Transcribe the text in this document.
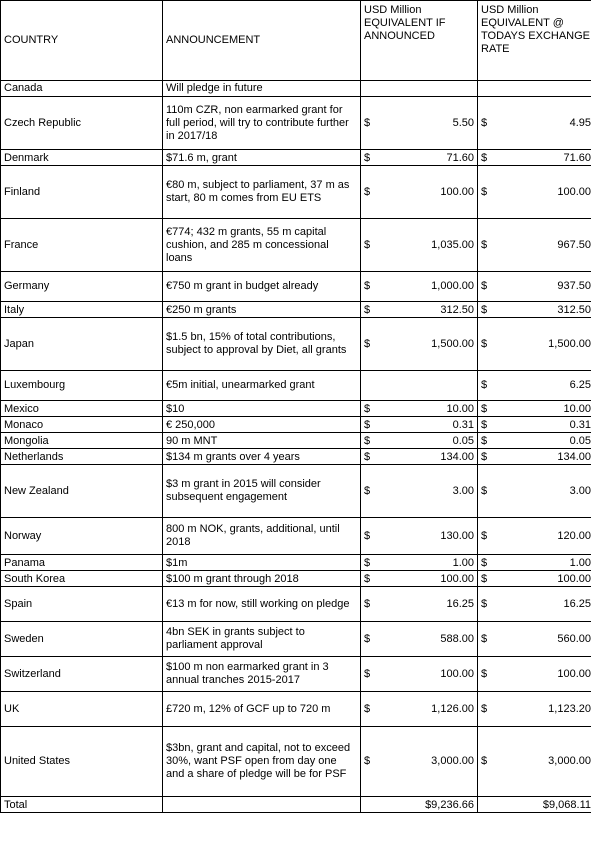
COUNTRY	ANNOUNCEMENT	USD Million EQUIVALENT IF ANNOUNCED	USD Million EQUIVALENT @ TODAYS EXCHANGE RATE
Canada	Will pledge in future	

Czech Republic	110m CZR, non earmarked grant for full period, will try to contribute further in 2017/18	$ 5.50	$ 4.95

Denmark	$71.6 m, grant	$ 71.60	$ 71.60

Finland	€80 m, subject to parliament, 37 m as start, 80 m comes from EU ETS	$ 100.00	$ 100.00

France	€774; 432 m grants, 55 m capital cushion, and 285 m concessional loans	$ 1,035.00	$ 967.50

Germany	€750 m grant in budget already	$ 1,000.00	$ 937.50

Italy	€250 m grants	$ 312.50	$ 312.50

Japan	$1.5 bn, 15% of total contributions, subject to approval by Diet, all grants	$ 1,500.00	$ 1,500.00

Luxembourg	€5m initial, unearmarked grant		$ 6.25

Mexico	$10	$ 10.00	$ 10.00

Monaco	€ 250,000	$ 0.31	$ 0.31

Mongolia	90 m MNT	$ 0.05	$ 0.05

Netherlands	$134 m grants over 4 years	$ 134.00	$ 134.00

New Zealand	$3 m grant in 2015 will consider subsequent engagement	$ 3.00	$ 3.00

Norway	800 m NOK, grants, additional, until 2018	$ 130.00	$ 120.00

Panama	$1m	$ 1.00	$ 1.00

South Korea	$100 m grant through 2018	$ 100.00	$ 100.00

Spain	€13 m for now, still working on pledge	$ 16.25	$ 16.25

Sweden	4bn SEK in grants subject to parliament approval	$ 588.00	$ 560.00

Switzerland	$100 m non earmarked grant in 3 annual tranches 2015-2017	$ 100.00	$ 100.00

UK	£720 m, 12% of GCF up to 720 m	$ 1,126.00	$ 1,123.20

United States	$3bn, grant and capital, not to exceed 30%, want PSF open from day one and a share of pledge will be for PSF	$ 3,000.00	$ 3,000.00

Total		$9,236.66	$9,068.11
